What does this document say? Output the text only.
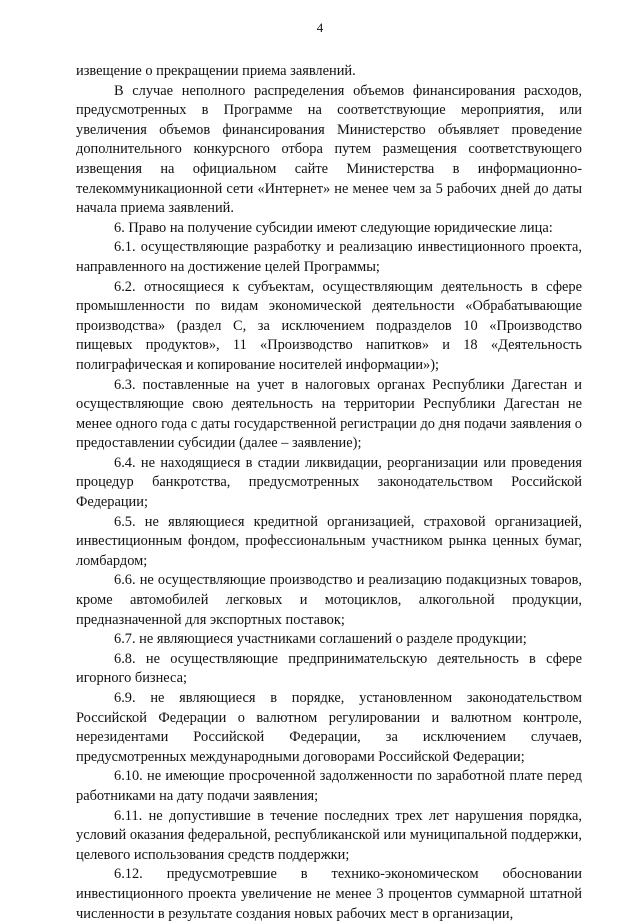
4

извещение о прекращении приема заявлений.

В случае неполного распределения объемов финансирования расходов, предусмотренных в Программе на соответствующие мероприятия, или увеличения объемов финансирования Министерство объявляет проведение дополнительного конкурсного отбора путем размещения соответствующего извещения на официальном сайте Министерства в информационно-телекоммуникационной сети «Интернет» не менее чем за 5 рабочих дней до даты начала приема заявлений.

6. Право на получение субсидии имеют следующие юридические лица:

6.1. осуществляющие разработку и реализацию инвестиционного проекта, направленного на достижение целей Программы;

6.2. относящиеся к субъектам, осуществляющим деятельность в сфере промышленности по видам экономической деятельности «Обрабатывающие производства» (раздел С, за исключением подразделов 10 «Производство пищевых продуктов», 11 «Производство напитков» и 18 «Деятельность полиграфическая и копирование носителей информации»);

6.3. поставленные на учет в налоговых органах Республики Дагестан и осуществляющие свою деятельность на территории Республики Дагестан не менее одного года с даты государственной регистрации до дня подачи заявления о предоставлении субсидии (далее – заявление);

6.4. не находящиеся в стадии ликвидации, реорганизации или проведения процедур банкротства, предусмотренных законодательством Российской Федерации;

6.5. не являющиеся кредитной организацией, страховой организацией, инвестиционным фондом, профессиональным участником рынка ценных бумаг, ломбардом;

6.6. не осуществляющие производство и реализацию подакцизных товаров, кроме автомобилей легковых и мотоциклов, алкогольной продукции, предназначенной для экспортных поставок;

6.7. не являющиеся участниками соглашений о разделе продукции;

6.8. не осуществляющие предпринимательскую деятельность в сфере игорного бизнеса;

6.9. не являющиеся в порядке, установленном законодательством Российской Федерации о валютном регулировании и валютном контроле, нерезидентами Российской Федерации, за исключением случаев, предусмотренных международными договорами Российской Федерации;

6.10. не имеющие просроченной задолженности по заработной плате перед работниками на дату подачи заявления;

6.11. не допустившие в течение последних трех лет нарушения порядка, условий оказания федеральной, республиканской или муниципальной поддержки, целевого использования средств поддержки;

6.12. предусмотревшие в технико-экономическом обосновании инвестиционного проекта увеличение не менее 3 процентов суммарной штатной численности в результате создания новых рабочих мест в организации,
